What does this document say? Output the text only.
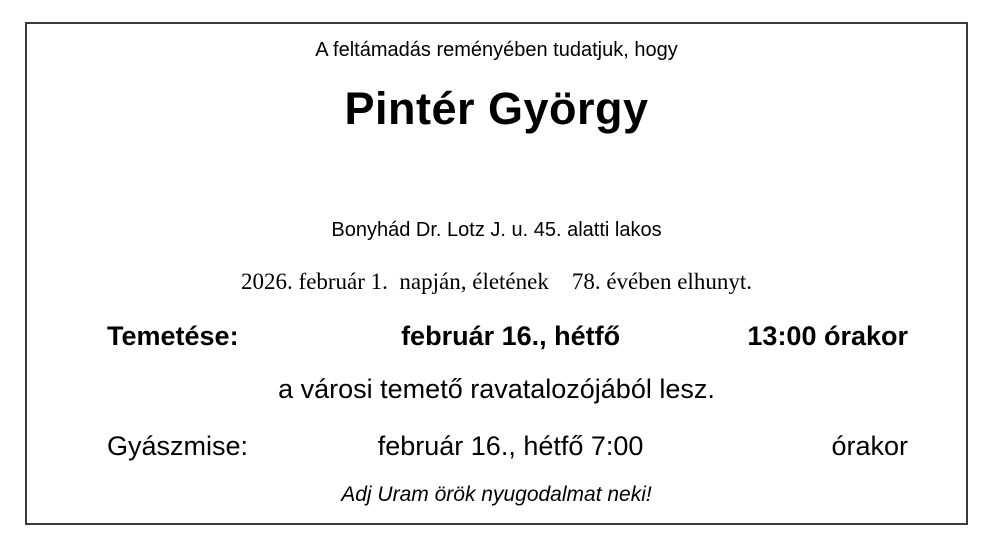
A feltámadás reményében tudatjuk, hogy
Pintér György
Bonyhád Dr. Lotz J. u. 45. alatti lakos
2026. február 1.  napján, életének    78. évében elhunyt.
Temetése:	február 16., hétfő	13:00 órakor
a városi temető ravatalozójából lesz.
Gyászmise:	február 16., hétfő 7:00	órakor
Adj Uram örök nyugodalmat neki!
